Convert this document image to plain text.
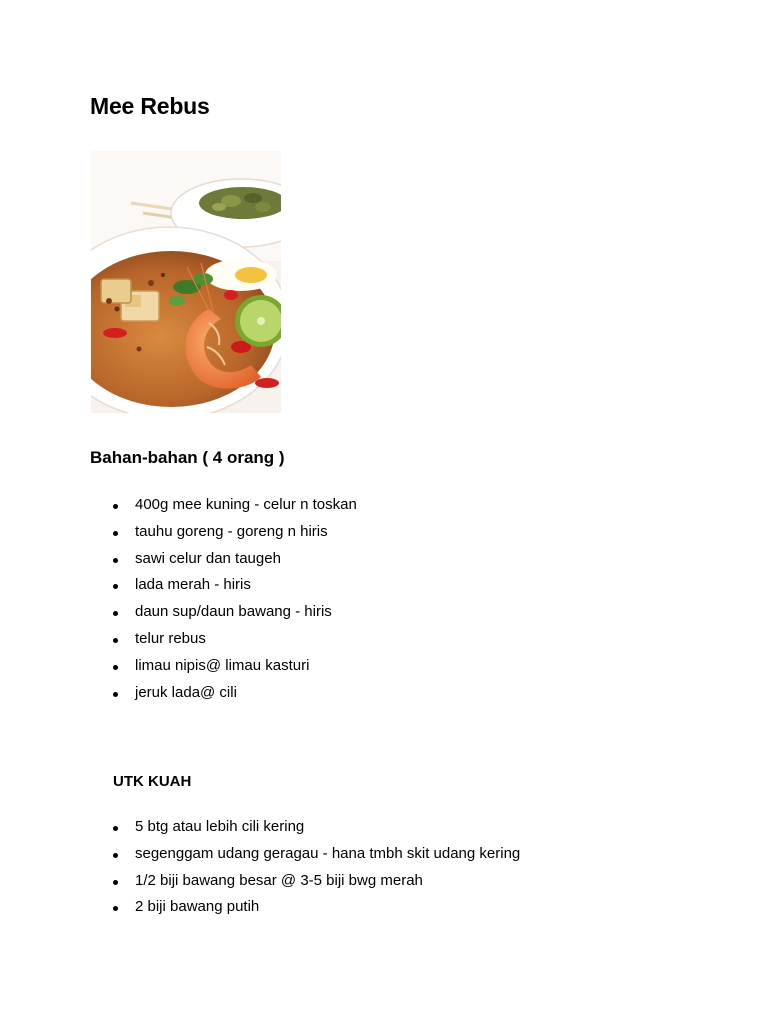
Mee Rebus
Bahan-bahan ( 4 orang )
400g mee kuning - celur n toskan
tauhu goreng - goreng n hiris
sawi celur dan taugeh
lada merah - hiris
daun sup/daun bawang - hiris
telur rebus
limau nipis@ limau kasturi
jeruk lada@ cili
UTK KUAH
5 btg atau lebih cili kering
segenggam udang geragau - hana tmbh skit udang kering
1/2 biji bawang besar @ 3-5 biji bwg merah
2 biji bawang putih
